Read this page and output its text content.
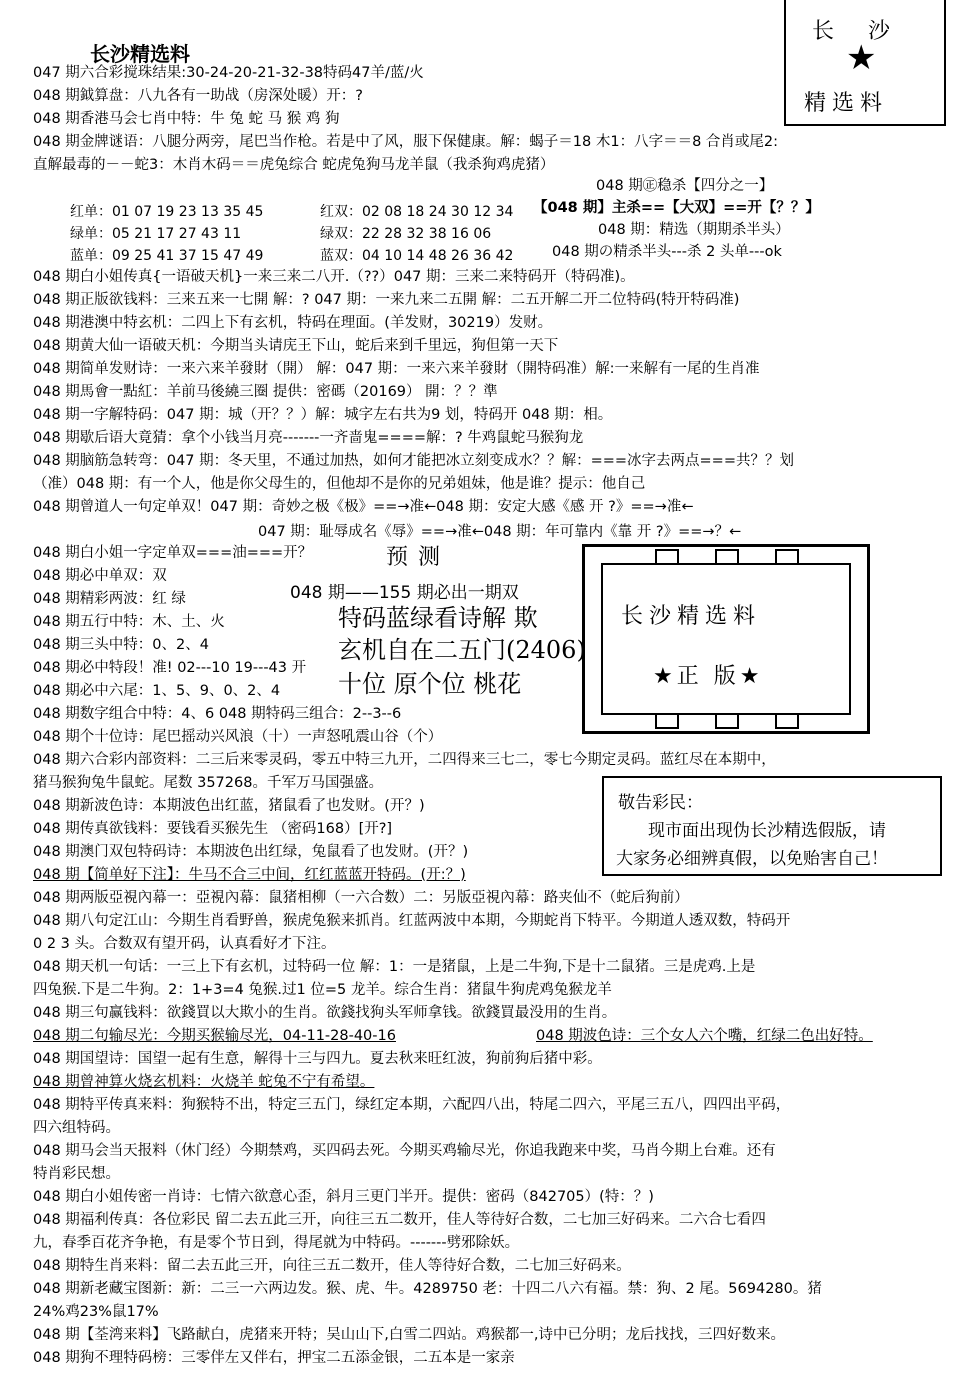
长沙精选料
长沙
★
精选料
047 期六合彩搅珠结果:30-24-20-21-32-38特码47羊/蓝/火
048 期鉞算盘：八九各有一助战（房深处暖）开：?
048 期香港马会七肖中特：牛 兔 蛇 马 猴 鸡 狗
048 期金牌谜语：八腿分两旁，尾巴当作枪。若是中了风，服下保健康。解：蝎子＝18 木1：八字＝＝8 合肖或尾2:
直解最毒的－－蛇3：木肖木码＝＝虎兔综合 蛇虎兔狗马龙羊鼠（我杀狗鸡虎猪）
048 期㊣稳杀【四分之一】
【048 期】主杀==【大双】==开【？？】
048 期：精选（期期杀半头）
048 期の精杀半头---杀 2 头单---ok
红单：01 07 19 23 13 35 45	红双：02 08 18 24 30 12 34
绿单：05 21 17 27 43 11	绿双：22 28 32 38 16 06
蓝单：09 25 41 37 15 47 49	蓝双：04 10 14 48 26 36 42
048 期白小姐传真{一语破天机}一来三来二八开.（??）047 期：三来二来特码开（特码准)。
048 期正版欲钱料：三来五来一七開 解：? 047 期：一来九来二五開 解：二五开解二开二位特码(特开特码准)
048 期港澳中特玄机：二四上下有玄机，特码在理面。(羊发财，30219）发财。
048 期黄大仙一语破天机：今期当头请庑王下山，蛇后来到千里远，狗但第一天下
048 期简单发财诗：一来六来羊發財（開） 解：047 期：一来六来羊發財（開特码准）解:一来解有一尾的生肖准
048 期馬會一點紅：羊前马後繞三圈 提供：密碼（20169） 開：？？準
048 期一字解特码：047 期：城（开？？）解：城字左右共为9 划，特码开 048 期：相。
048 期歇后语大竟猜：拿个小钱当月亮-------一齐啬鬼====解：? 牛鸡鼠蛇马猴狗龙
048 期脑筋急转弯：047 期：冬天里，不通过加热，如何才能把冰立刻变成水？？解：===冰字去两点===共？？划
（准）048 期：有一个人，他是你父母生的，但他却不是你的兄弟姐妹，他是谁？提示：他自己
048 期曾道人一句定单双！047 期：奇妙之极《极》==→准←048 期：安定大感《感 开 ?》==→准←
047 期：耻辱成名《辱》==→准←048 期：年可靠内《靠 开 ?》==→？←
048 期白小姐一字定单双===油===开？
048 期必中单双：双
048 期精彩两波：红 绿
048 期五行中特：木、土、火
048 期三头中特：0、2、4
048 期必中特段！准! 02---10 19---43 开
048 期必中六尾：1、5、9、0、2、4
048 期数字组合中特：4、6 048 期特码三组合：2--3--6
048 期个十位诗：尾巴摇动兴风浪（十）一声怒吼震山谷（个）
预测
048 期——155 期必出一期双
特码蓝绿看诗解 欺
玄机自在二五门(2406)
十位 原个位 桃花
长沙精选料
★正 版★
048 期六合彩内部资料：二三后来零灵码，零五中特三九开，二四得来三七二，零七今期定灵码。蓝红尽在本期中，
猪马猴狗兔牛鼠蛇。尾数 357268。千军万马国强盛。
048 期新波色诗：本期波色出红蓝，猪鼠看了也发财。(开？)
048 期传真欲钱料：要钱看买猴先生 （密码168）[开?]
048 期澳门双包特码诗：本期波色出红绿，兔鼠看了也发财。(开？)
048 期【简单好下注】：牛马不合三中间，红红蓝蓝开特码。(开:？)
敬告彩民：
现市面出现伪长沙精选假版，请
大家务必细辨真假，以免贻害自己！
048 期两版亞視內幕一：亞視內幕：鼠猪相柳（一六合数）二：另版亞視內幕：路夹仙不（蛇后狗前）
048 期八句定江山：今期生肖看野兽，猴虎兔猴来抓肖。红蓝两波中本期，今期蛇肖下特平。今期道人透双数，特码开
0 2 3 头。合数双有望开码，认真看好才下注。
048 期天机一句话：一三上下有玄机，过特码一位 解：1：一是猪鼠，上是二牛狗,下是十二鼠猪。三是虎鸡.上是
四兔猴.下是二牛狗。2：1+3=4 兔猴.过1 位=5 龙羊。综合生肖：猪鼠牛狗虎鸡兔猴龙羊
048 期三句赢钱料：欲錢買以大欺小的生肖。欲錢找狗头军师拿钱。欲錢買最没用的生肖。
048 期二句输尽光：今期买猴输尽光，04-11-28-40-16	048 期波色诗：三个女人六个嘴，红绿二色出好特。
048 期国望诗：国望一起有生意，解得十三与四九。夏去秋来旺红波，狗前狗后猪中彩。
048 期曾神算火烧玄机料：火烧羊 蛇兔不宁有希望。
048 期特平传真来料：狗猴特不出，特定三五门，绿红定本期，六配四八出，特尾二四六，平尾三五八，四四出平码，
四六组特码。
048 期马会当天报料（休门经）今期禁鸡，买四码去死。今期买鸡输尽光，你追我跑来中奖，马肖今期上台难。还有
特肖彩民想。
048 期白小姐传密一肖诗：七情六欲意心歪，斜月三更门半开。提供：密码（842705）(特：？)
048 期福利传真：各位彩民 留二去五此三开，向往三五二数开，佳人等待好合数，二七加三好码来。二六合七看四
九，春季百花齐争艳，有是零个节日到，得尾就为中特码。-------劈邪除妖。
048 期特生肖来料：留二去五此三开，向往三五二数开，佳人等待好合数，二七加三好码来。
048 期新老藏宝图新：新：二三一六两边发。猴、虎、牛。4289750 老：十四二八六有福。禁：狗、2 尾。5694280。猪
24%鸡23%鼠17%
048 期【荃湾来料】飞路献白，虎猪来开特；吴山山下,白雪二四站。鸡猴都一,诗中已分明；龙后找找，三四好数来。
048 期狗不理特码榜：三零伴左又伴右，押宝二五添金银，二五本是一家亲
